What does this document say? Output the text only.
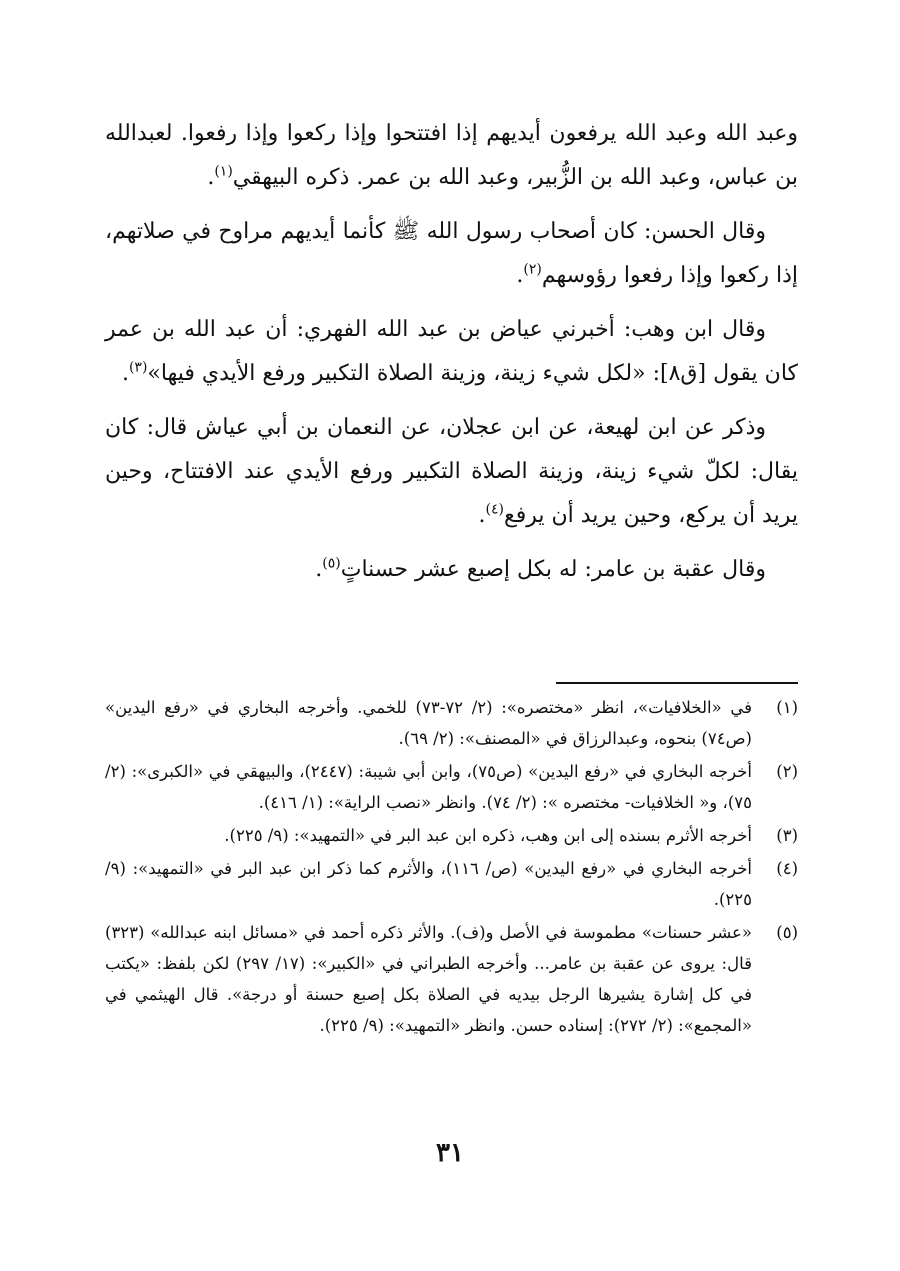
وعبد الله وعبد الله يرفعون أيديهم إذا افتتحوا وإذا ركعوا وإذا رفعوا. لعبدالله بن عباس، وعبد الله بن الزُّبير، وعبد الله بن عمر. ذكره البيهقي$^{(١)}$.

وقال الحسن: كان أصحاب رسول الله ﷺ كأنما أيديهم مراوح في صلاتهم، إذا ركعوا وإذا رفعوا رؤوسهم$^{(٢)}$.

وقال ابن وهب: أخبرني عياض بن عبد الله الفهري: أن عبد الله بن عمر كان يقول [ق٨]: «لكل شيء زينة، وزينة الصلاة التكبير ورفع الأيدي فيها»$^{(٣)}$.

وذكر عن ابن لهيعة، عن ابن عجلان، عن النعمان بن أبي عياش قال: كان يقال: لكلّ شيء زينة، وزينة الصلاة التكبير ورفع الأيدي عند الافتتاح، وحين يريد أن يركع، وحين يريد أن يرفع$^{(٤)}$.

وقال عقبة بن عامر: له بكل إصبع عشر حسناتٍ$^{(٥)}$.

(١)
في «الخلافيات»، انظر «مختصره»: (٢/ ٧٢-٧٣) للخمي. وأخرجه البخاري في «رفع اليدين» (ص٧٤) بنحوه، وعبدالرزاق في «المصنف»: (٢/ ٦٩).
(٢)
أخرجه البخاري في «رفع اليدين» (ص٧٥)، وابن أبي شيبة: (٢٤٤٧)، والبيهقي في «الكبرى»: (٢/ ٧٥)، و« الخلافيات- مختصره »: (٢/ ٧٤). وانظر «نصب الراية»: (١/ ٤١٦).
(٣)
أخرجه الأثرم بسنده إلى ابن وهب، ذكره ابن عبد البر في «التمهيد»: (٩/ ٢٢٥).
(٤)
أخرجه البخاري في «رفع اليدين» (ص/ ١١٦)، والأثرم كما ذكر ابن عبد البر في «التمهيد»: (٩/ ٢٢٥).
(٥)
«عشر حسنات» مطموسة في الأصل و(ف). والأثر ذكره أحمد في «مسائل ابنه عبدالله» (٣٢٣) قال: يروى عن عقبة بن عامر... وأخرجه الطبراني في «الكبير»: (١٧/ ٢٩٧) لكن بلفظ: «يكتب في كل إشارة يشيرها الرجل بيديه في الصلاة بكل إصبع حسنة أو درجة». قال الهيثمي في «المجمع»: (٢/ ٢٧٢): إسناده حسن. وانظر «التمهيد»: (٩/ ٢٢٥).
٣١
